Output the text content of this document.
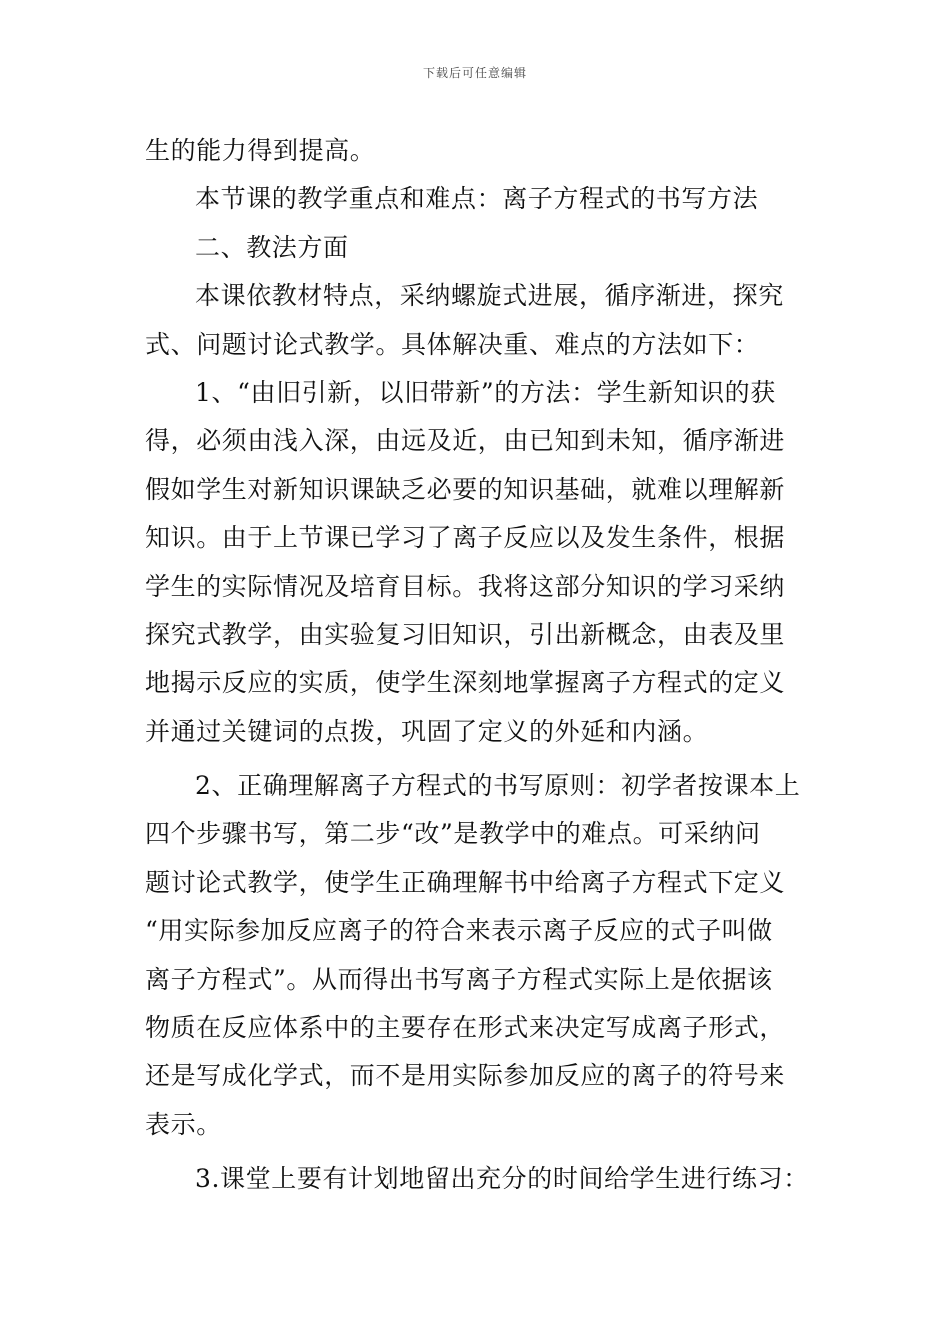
下载后可任意编辑
生的能力得到提高。
本节课的教学重点和难点：离子方程式的书写方法
二、教法方面
本课依教材特点，采纳螺旋式进展，循序渐进，探究
式、问题讨论式教学。具体解决重、难点的方法如下：
1、“由旧引新，以旧带新”的方法：学生新知识的获
得，必须由浅入深，由远及近，由已知到未知，循序渐进
假如学生对新知识课缺乏必要的知识基础，就难以理解新
知识。由于上节课已学习了离子反应以及发生条件，根据
学生的实际情况及培育目标。我将这部分知识的学习采纳
探究式教学，由实验复习旧知识，引出新概念，由表及里
地揭示反应的实质，使学生深刻地掌握离子方程式的定义
并通过关键词的点拨，巩固了定义的外延和内涵。
2、正确理解离子方程式的书写原则：初学者按课本上
四个步骤书写，第二步“改”是教学中的难点。可采纳问
题讨论式教学，使学生正确理解书中给离子方程式下定义
“用实际参加反应离子的符合来表示离子反应的式子叫做
离子方程式”。从而得出书写离子方程式实际上是依据该
物质在反应体系中的主要存在形式来决定写成离子形式，
还是写成化学式，而不是用实际参加反应的离子的符号来
表示。
3.课堂上要有计划地留出充分的时间给学生进行练习：
